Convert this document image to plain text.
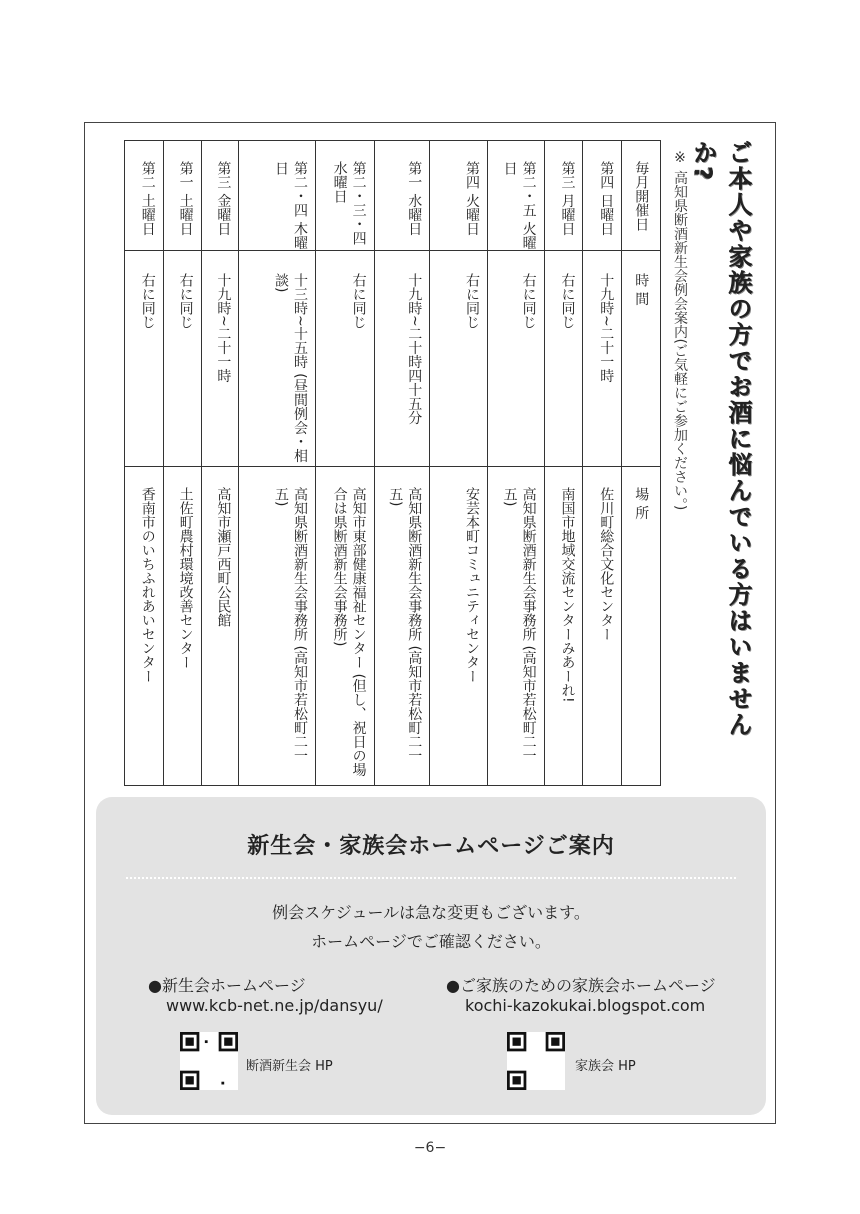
ご本人や家族の方でお酒に悩んでいる方はいませんか?
※ 高知県断酒新生会例会案内(ご気軽にご参加ください。)
毎月開催日
時 間
場 所
第四 日曜日
十九時~二十一時
佐川町総合文化センター
第三 月曜日
右に同じ
南国市地域交流センターみあーれ!
第二・五 火曜日
右に同じ
高知県断酒新生会事務所 (高知市若松町二一五)
第四 火曜日
右に同じ
安芸本町コミュニティセンター
第一 水曜日
十九時~二十時四十五分
高知県断酒新生会事務所 (高知市若松町二一五)
第二・三・四 水曜日
右に同じ
高知市東部健康福祉センター (但し、祝日の場合は県断酒新生会事務所)
第二・四 木曜日
十三時~十五時 (昼間例会・相談)
高知県断酒新生会事務所 (高知市若松町二一五)
第三 金曜日
十九時~二十一時
高知市瀬戸西町公民館
第一 土曜日
右に同じ
土佐町農村環境改善センター
第二 土曜日
右に同じ
香南市のいちふれあいセンター
新生会・家族会ホームページご案内
例会スケジュールは急な変更もございます。
ホームページでご確認ください。
●新生会ホームページ
www.kcb-net.ne.jp/dansyu/
断酒新生会 HP
●ご家族のための家族会ホームページ
kochi-kazokukai.blogspot.com
家族会 HP
−6−
